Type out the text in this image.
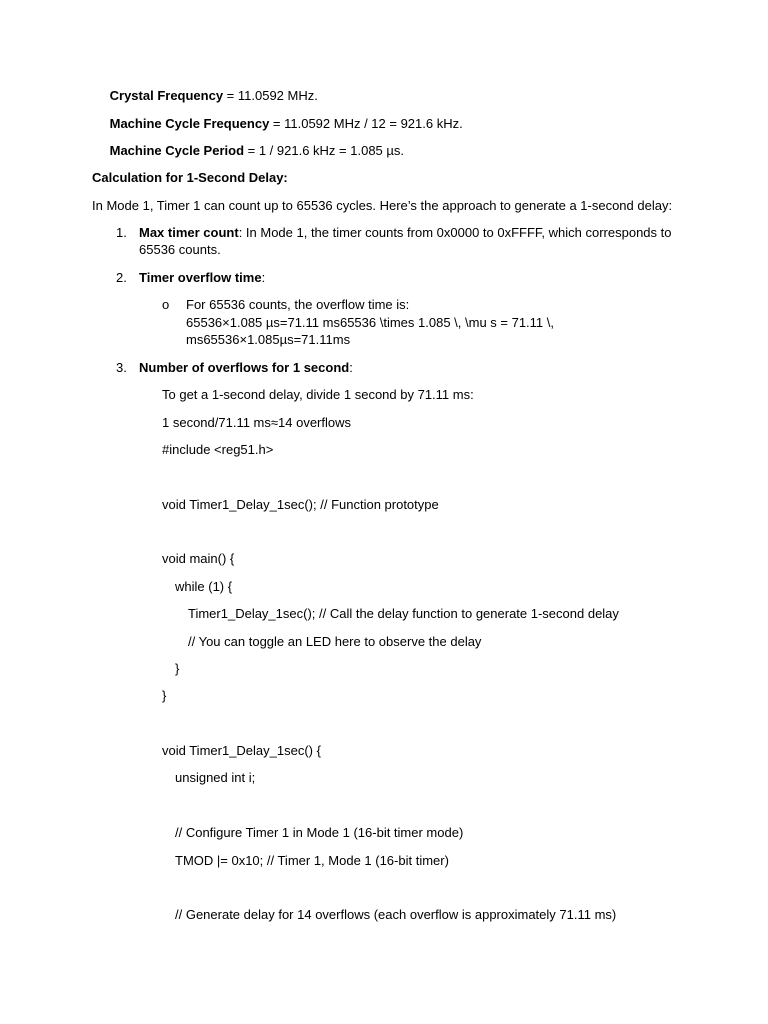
Crystal Frequency = 11.0592 MHz.
Machine Cycle Frequency = 11.0592 MHz / 12 = 921.6 kHz.
Machine Cycle Period = 1 / 921.6 kHz = 1.085 µs.
Calculation for 1-Second Delay:
In Mode 1, Timer 1 can count up to 65536 cycles. Here’s the approach to generate a 1-second delay:
1. Max timer count: In Mode 1, the timer counts from 0x0000 to 0xFFFF, which corresponds to
65536 counts.
2. Timer overflow time:
o For 65536 counts, the overflow time is:
65536×1.085 µs=71.11 ms65536 \times 1.085 \, \mu s = 71.11 \,
ms65536×1.085µs=71.11ms
3. Number of overflows for 1 second:
To get a 1-second delay, divide 1 second by 71.11 ms:
1 second/71.11 ms≈14 overflows
#include <reg51.h>
void Timer1_Delay_1sec(); // Function prototype
void main() {
while (1) {
Timer1_Delay_1sec(); // Call the delay function to generate 1-second delay
// You can toggle an LED here to observe the delay
}
}
void Timer1_Delay_1sec() {
unsigned int i;
// Configure Timer 1 in Mode 1 (16-bit timer mode)
TMOD |= 0x10; // Timer 1, Mode 1 (16-bit timer)
// Generate delay for 14 overflows (each overflow is approximately 71.11 ms)
